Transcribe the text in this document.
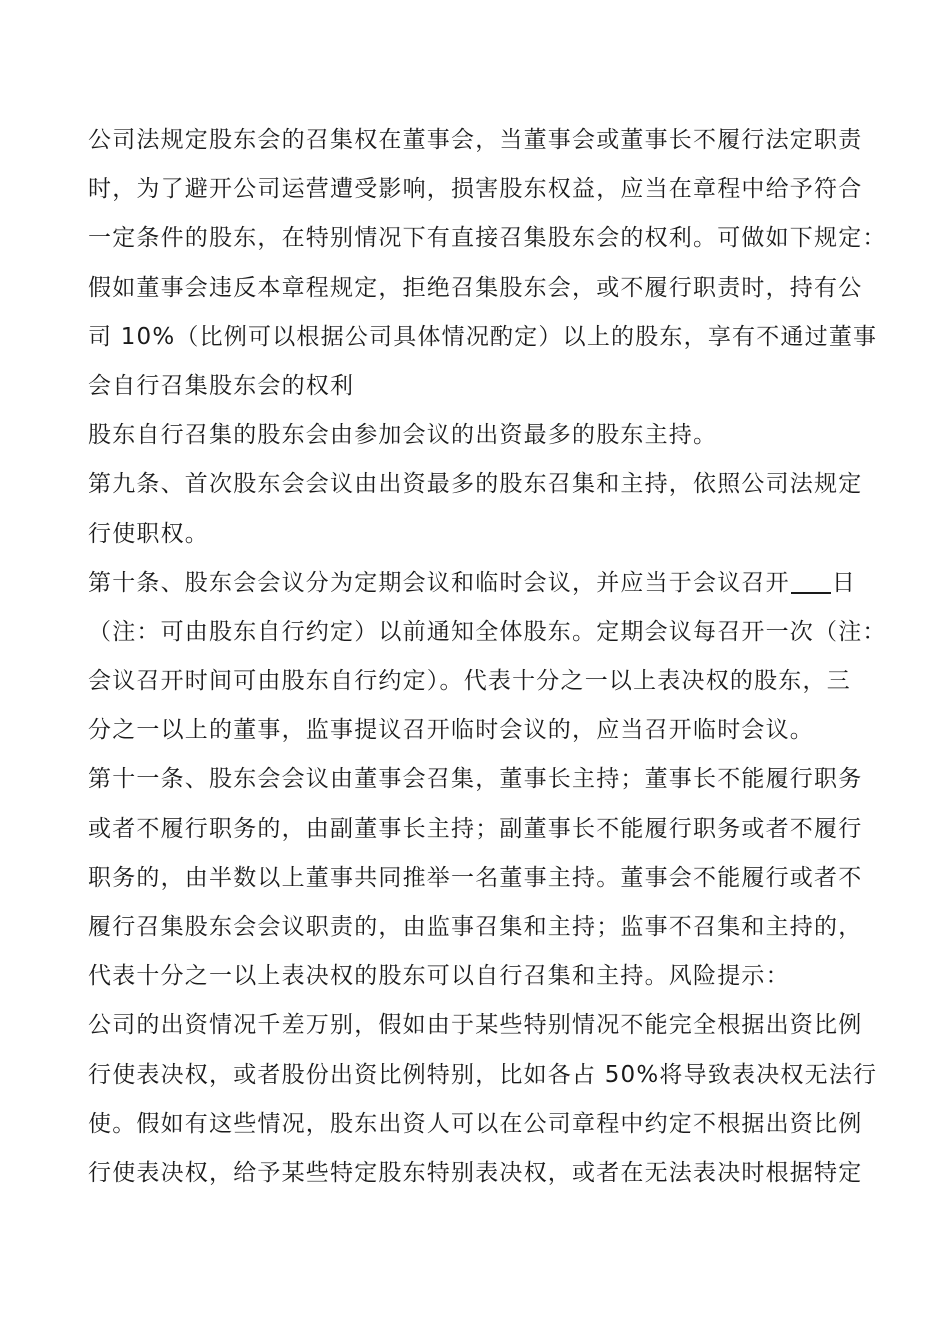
公司法规定股东会的召集权在董事会，当董事会或董事长不履行法定职责
时，为了避开公司运营遭受影响，损害股东权益，应当在章程中给予符合
一定条件的股东，在特别情况下有直接召集股东会的权利。可做如下规定：
假如董事会违反本章程规定，拒绝召集股东会，或不履行职责时，持有公
司 10%（比例可以根据公司具体情况酌定）以上的股东，享有不通过董事
会自行召集股东会的权利
股东自行召集的股东会由参加会议的出资最多的股东主持。
第九条、首次股东会会议由出资最多的股东召集和主持，依照公司法规定
行使职权。
第十条、股东会会议分为定期会议和临时会议，并应当于会议召开 日
（注：可由股东自行约定）以前通知全体股东。定期会议每召开一次（注：
会议召开时间可由股东自行约定）。代表十分之一以上表决权的股东，三
分之一以上的董事，监事提议召开临时会议的，应当召开临时会议。
第十一条、股东会会议由董事会召集，董事长主持；董事长不能履行职务
或者不履行职务的，由副董事长主持；副董事长不能履行职务或者不履行
职务的，由半数以上董事共同推举一名董事主持。董事会不能履行或者不
履行召集股东会会议职责的，由监事召集和主持；监事不召集和主持的，
代表十分之一以上表决权的股东可以自行召集和主持。风险提示：
公司的出资情况千差万别，假如由于某些特别情况不能完全根据出资比例
行使表决权，或者股份出资比例特别，比如各占 50%将导致表决权无法行
使。假如有这些情况，股东出资人可以在公司章程中约定不根据出资比例
行使表决权，给予某些特定股东特别表决权，或者在无法表决时根据特定
